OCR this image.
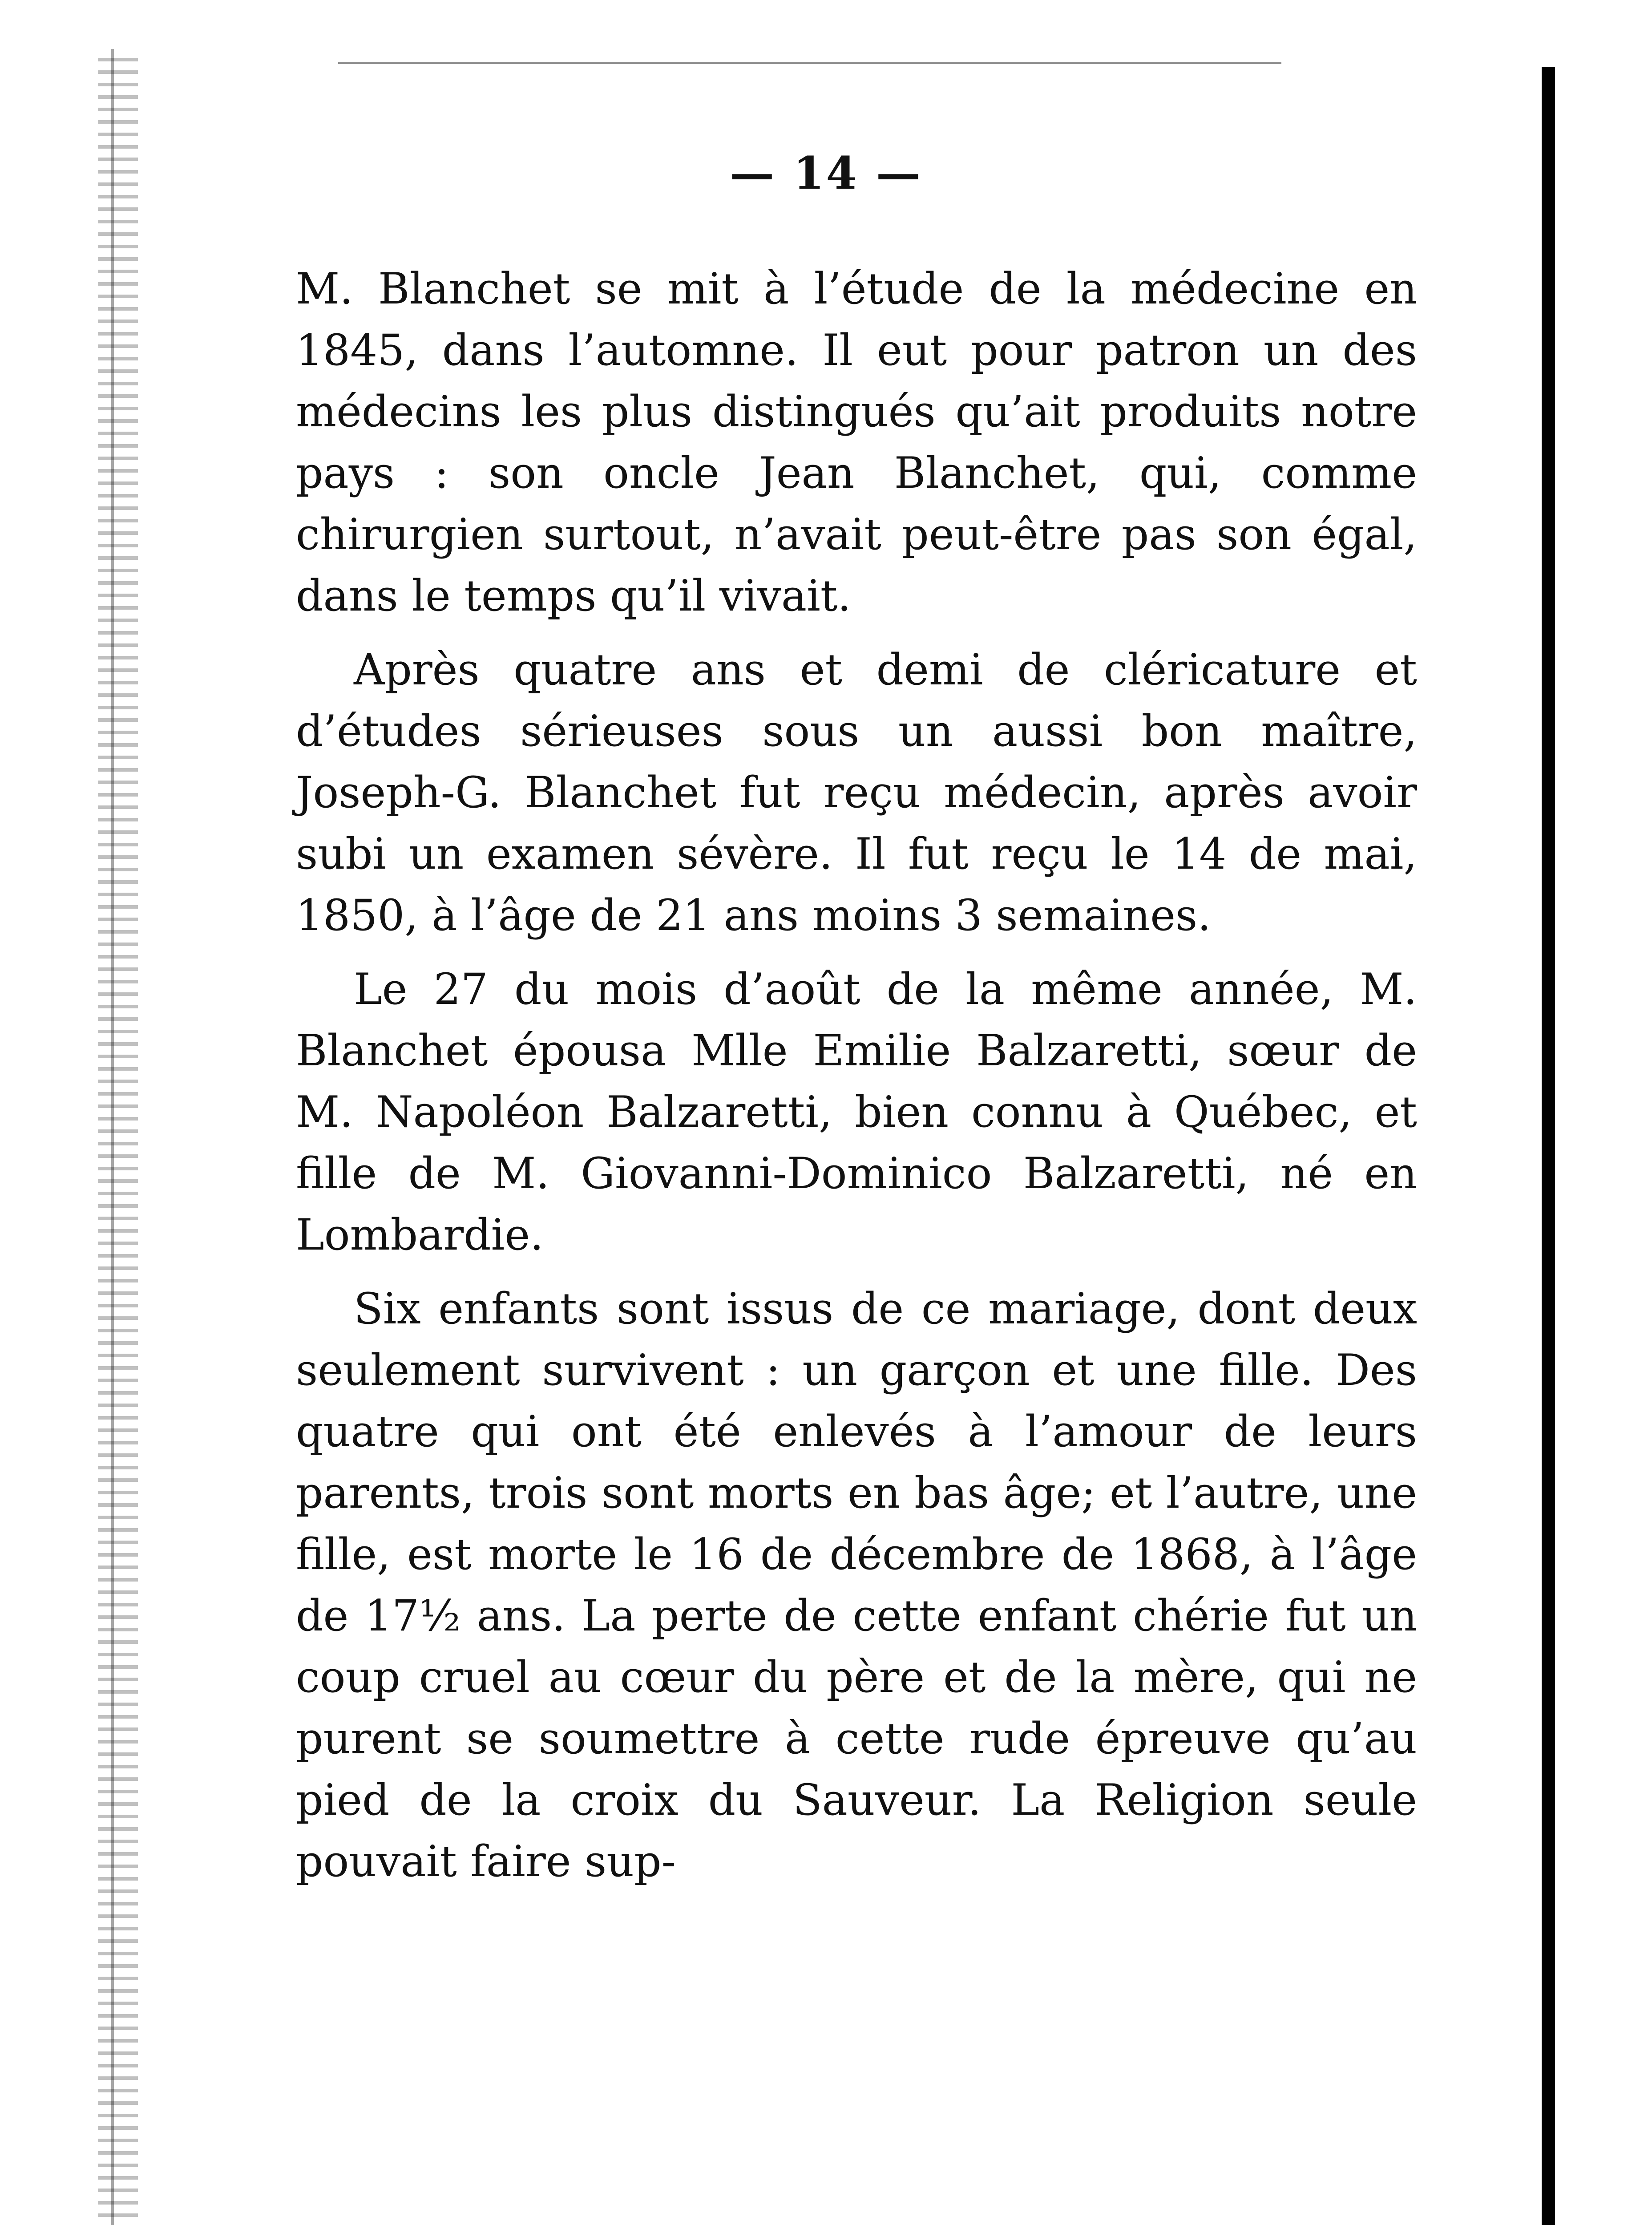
— 14 —

M. Blanchet se mit à l’étude de la médecine en 1845, dans l’automne. Il eut pour patron un des médecins les plus distingués qu’ait produits notre pays : son oncle Jean Blanchet, qui, comme chirurgien surtout, n’avait peut-être pas son égal, dans le temps qu’il vivait.

Après quatre ans et demi de cléricature et d’études sérieuses sous un aussi bon maître, Joseph-G. Blanchet fut reçu médecin, après avoir subi un examen sévère. Il fut reçu le 14 de mai, 1850, à l’âge de 21 ans moins 3 semaines.

Le 27 du mois d’août de la même année, M. Blanchet épousa Mlle Emilie Balzaretti, sœur de M. Napoléon Balzaretti, bien connu à Québec, et fille de M. Giovanni-Dominico Balzaretti, né en Lombardie.

Six enfants sont issus de ce mariage, dont deux seulement survivent : un garçon et une fille. Des quatre qui ont été enlevés à l’amour de leurs parents, trois sont morts en bas âge; et l’autre, une fille, est morte le 16 de décembre de 1868, à l’âge de 17½ ans. La perte de cette enfant chérie fut un coup cruel au cœur du père et de la mère, qui ne purent se soumettre à cette rude épreuve qu’au pied de la croix du Sauveur. La Religion seule pouvait faire sup-
